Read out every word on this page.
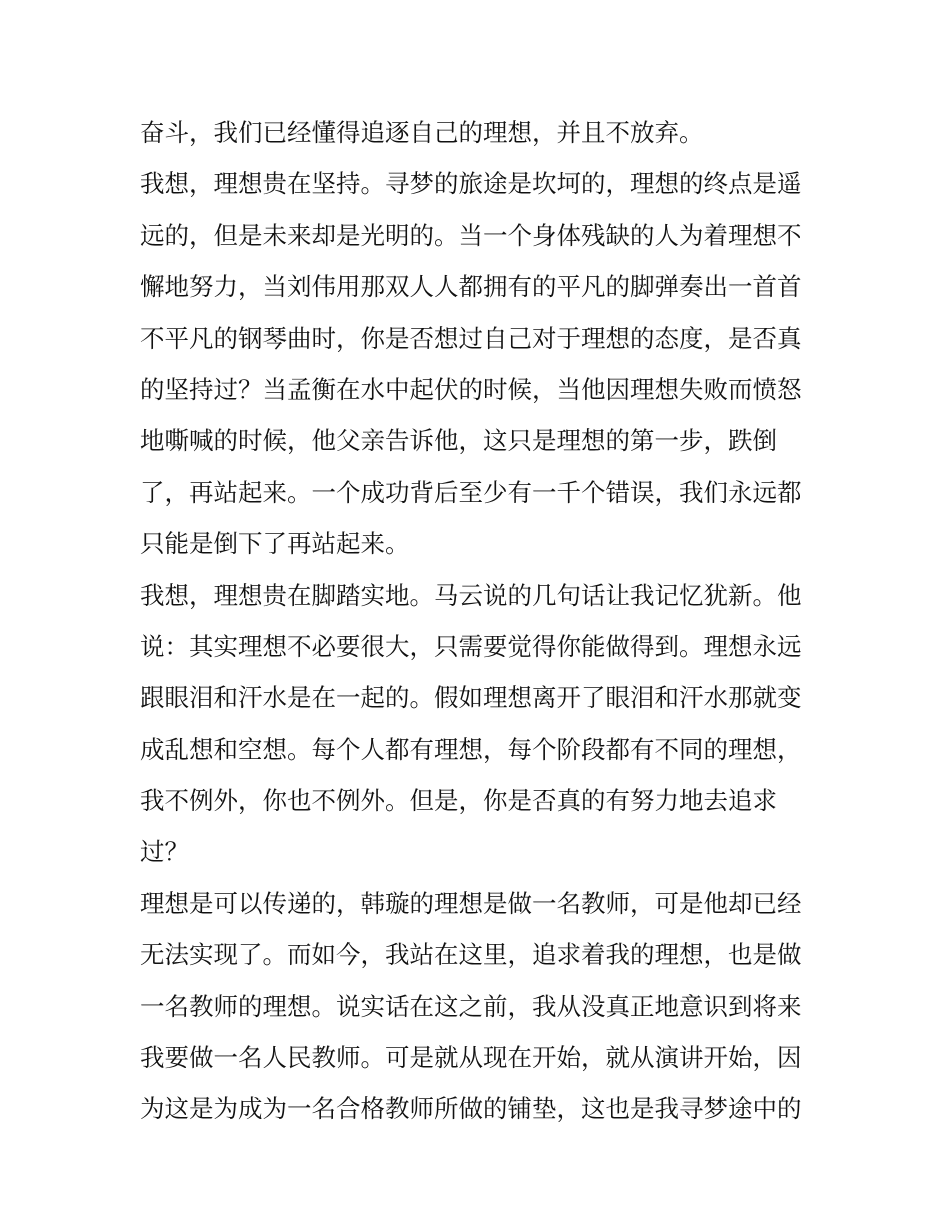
奋斗，我们已经懂得追逐自己的理想，并且不放弃。
我想，理想贵在坚持。寻梦的旅途是坎坷的，理想的终点是遥
远的，但是未来却是光明的。当一个身体残缺的人为着理想不
懈地努力，当刘伟用那双人人都拥有的平凡的脚弹奏出一首首
不平凡的钢琴曲时，你是否想过自己对于理想的态度，是否真
的坚持过？当孟衡在水中起伏的时候，当他因理想失败而愤怒
地嘶喊的时候，他父亲告诉他，这只是理想的第一步，跌倒
了，再站起来。一个成功背后至少有一千个错误，我们永远都
只能是倒下了再站起来。
我想，理想贵在脚踏实地。马云说的几句话让我记忆犹新。他
说：其实理想不必要很大，只需要觉得你能做得到。理想永远
跟眼泪和汗水是在一起的。假如理想离开了眼泪和汗水那就变
成乱想和空想。每个人都有理想，每个阶段都有不同的理想，
我不例外，你也不例外。但是，你是否真的有努力地去追求
过？
理想是可以传递的，韩璇的理想是做一名教师，可是他却已经
无法实现了。而如今，我站在这里，追求着我的理想，也是做
一名教师的理想。说实话在这之前，我从没真正地意识到将来
我要做一名人民教师。可是就从现在开始，就从演讲开始，因
为这是为成为一名合格教师所做的铺垫，这也是我寻梦途中的
